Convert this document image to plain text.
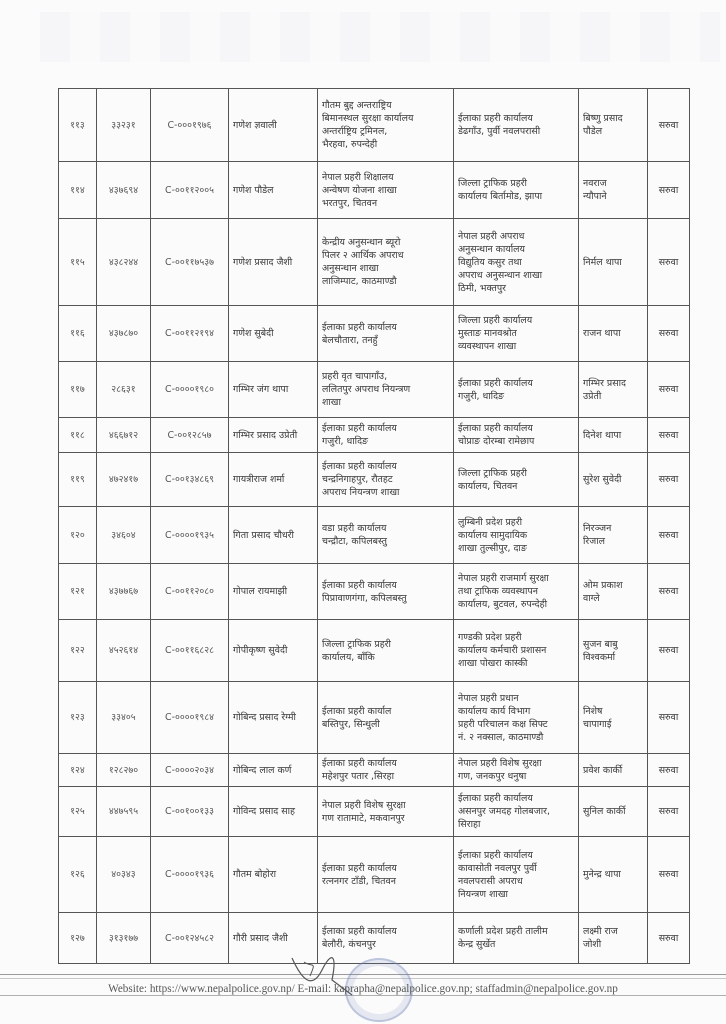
११३	३३२३१	C-०००१९७६	गणेश ज्ञवाली	गौतम बुद्द अन्तराष्ट्रिय
बिमानस्थल सुरक्षा कार्यालय
अन्तर्राष्ट्रिय ट्रमिनल,
भैरहवा, रुपन्देही	ईलाका प्रहरी कार्यालय
डेढगाँउ, पुर्वी नवलपरासी	बिष्णु प्रसाद
पौडेल	सरुवा
११४	४३७६९४	C-००११२००५	गणेश पौडेल	नेपाल प्रहरी शिक्षालय
अन्वेषण योजना शाखा
भरतपुर, चितवन	जिल्ला ट्राफिक प्रहरी
कार्यालय बिर्तामोड, झापा	नवराज
न्यौपाने	सरुवा
११५	४३८२४४	C-००११७५३७	गणेश प्रसाद जैशी	केन्द्रीय अनुसन्धान ब्यूरो
पिलर २ आर्थिक अपराध
अनुसन्धान शाखा
लाजिम्पाट, काठमाण्डौ	नेपाल प्रहरी अपराध
अनुसन्धान कार्यालय
विद्युतिय कसुर तथा
अपराध अनुसन्धान शाखा
ठिमी, भक्तपुर	निर्मल थापा	सरुवा
११६	४३७८७०	C-००११२१९४	गणेश सुबेदी	ईलाका प्रहरी कार्यालय
बेलचौतारा, तनहुँ	जिल्ला प्रहरी कार्यालय
मुस्ताङ मानवश्रोत
व्यवस्थापन शाखा	राजन थापा	सरुवा
११७	२८६३१	C-००००१९८०	गम्भिर जंग थापा	प्रहरी वृत चापागाँउ,
ललितपुर अपराध नियन्त्रण
शाखा	ईलाका प्रहरी कार्यालय
गजुरी, धादिङ	गम्भिर प्रसाद
उप्रेती	सरुवा
११८	४६६७१२	C-००१२८५७	गम्भिर प्रसाद उप्रेती	ईलाका प्रहरी कार्यालय
गजुरी, धादिङ	ईलाका प्रहरी कार्यालय
चोप्राङ दोरम्बा रामेछाप	दिनेश थापा	सरुवा
११९	४७२४१७	C-००१३४८६९	गायत्रीराज शर्मा	ईलाका प्रहरी कार्यालय
चन्द्रनिगाहपुर, रौतहट
अपराध नियन्त्रण शाखा	जिल्ला ट्राफिक प्रहरी
कार्यालय, चितवन	सुरेश सुवेदी	सरुवा
१२०	३४६०४	C-००००१९३५	गिता प्रसाद चौधरी	वडा प्रहरी कार्यालय
चन्द्रौटा, कपिलबस्तु	लुम्बिनी प्रदेश प्रहरी
कार्यालय सामुदायिक
शाखा तुल्सीपुर, दाङ	निरञ्जन
रिजाल	सरुवा
१२१	४३७७६७	C-००११२०८०	गोपाल रायमाझी	ईलाका प्रहरी कार्यालय
पिप्रावाणगंगा, कपिलबस्तु	नेपाल प्रहरी राजमार्ग सुरक्षा
तथा ट्राफिक व्यवस्थापन
कार्यालय, बुटवल, रुपन्देही	ओम प्रकाश
वाग्ले	सरुवा
१२२	४५२६१४	C-००११६८२८	गोपीकृष्ण सुवेदी	जिल्ला ट्राफिक प्रहरी
कार्यालय, बाँकि	गण्डकी प्रदेश प्रहरी
कार्यालय कर्मचारी प्रशासन
शाखा पोखरा कास्की	सुजन बाबु
विश्वकर्मा	सरुवा
१२३	३३४०५	C-००००१९८४	गोबिन्द प्रसाद रेग्मी	ईलाका प्रहरी कार्याल
बस्तिपुर, सिन्धुली	नेपाल प्रहरी प्रधान
कार्यालय कार्य विभाग
प्रहरी परिचालन कक्ष सिफ्ट
नं. २ नक्साल, काठमाण्डौ	निशेष
चापागाई	सरुवा
१२४	१२८२७०	C-००००२०३४	गोबिन्द लाल कर्ण	ईलाका प्रहरी कार्यालय
महेशपुर पतार ,सिरहा	नेपाल प्रहरी विशेष सुरक्षा
गण, जनकपुर धनुषा	प्रवेश कार्की	सरुवा
१२५	४४७५९५	C-००१००१३३	गोविन्द प्रसाद साह	नेपाल प्रहरी विशेष सुरक्षा
गण रातामाटे, मकवानपुर	ईलाका प्रहरी कार्यालय
असनपुर जमदह गोलबजार,
सिराहा	सुनिल कार्की	सरुवा
१२६	४०३४३	C-००००१९३६	गौतम बोहोरा	ईलाका प्रहरी कार्यालय
रत्ननगर टाँडी, चितवन	ईलाका प्रहरी कार्यालय
कावासोती नवलपुर पुर्वी
नवलपरासी अपराध
नियन्त्रण शाखा	मुनेन्द्र थापा	सरुवा
१२७	३१३१७७	C-००१२४५८२	गौरी प्रसाद जैशी	ईलाका प्रहरी कार्यालय
बेलौरी, कंचनपुर	कर्णाली प्रदेश प्रहरी तालीम
केन्द्र सुर्खेत	लक्ष्मी राज
जोशी	सरुवा
Website: https://www.nepalpolice.gov.np/ E-mail: kaprapha@nepalpolice.gov.np; staffadmin@nepalpolice.gov.np
